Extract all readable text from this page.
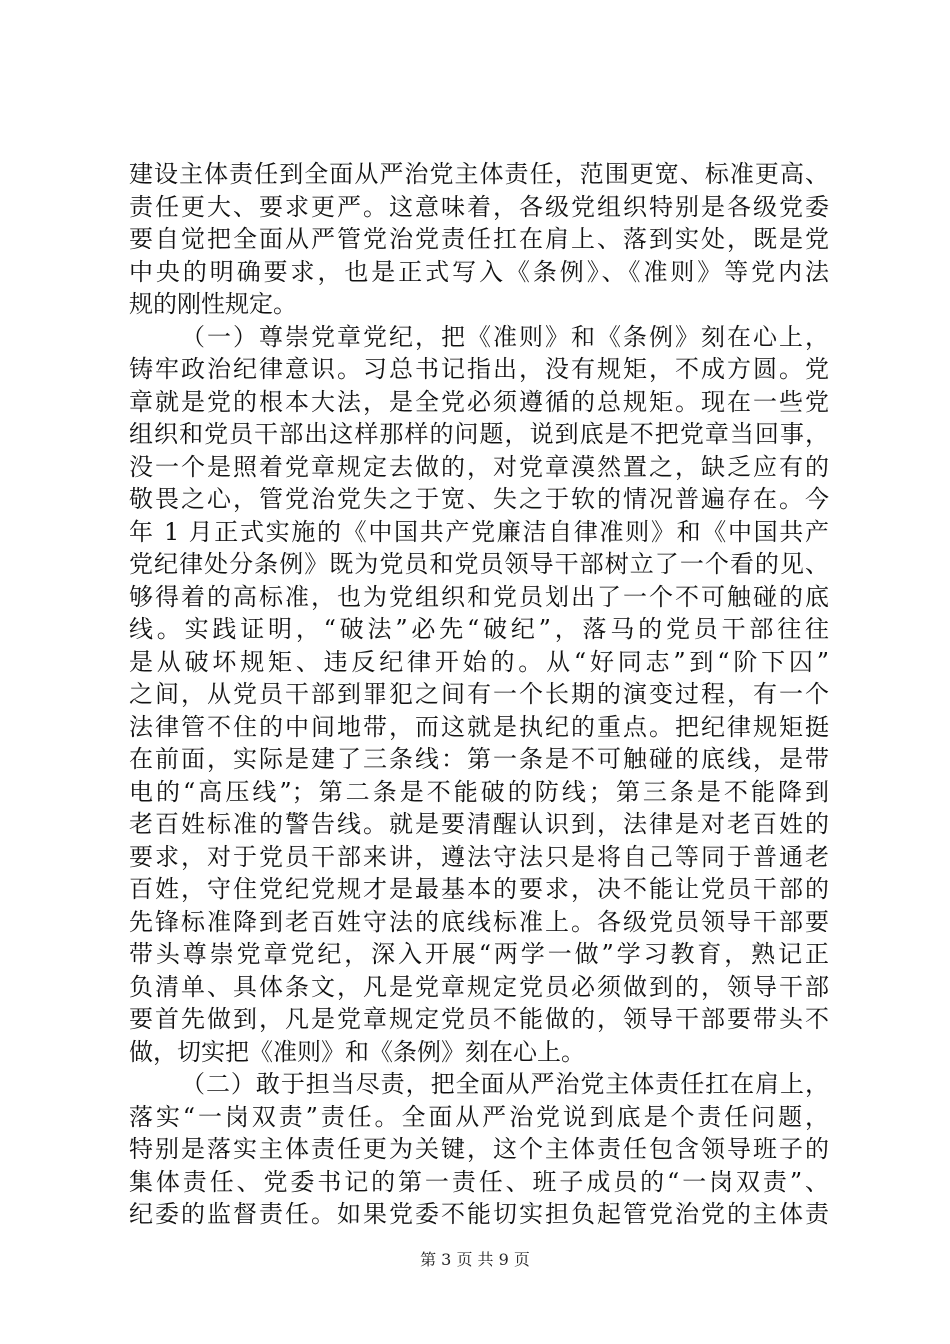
建设主体责任到全面从严治党主体责任，范围更宽、标准更高、
责任更大、要求更严。这意味着，各级党组织特别是各级党委
要自觉把全面从严管党治党责任扛在肩上、落到实处，既是党
中央的明确要求，也是正式写入《条例》、《准则》等党内法
规的刚性规定。
（一）尊崇党章党纪，把《准则》和《条例》刻在心上，
铸牢政治纪律意识。习总书记指出，没有规矩，不成方圆。党
章就是党的根本大法，是全党必须遵循的总规矩。现在一些党
组织和党员干部出这样那样的问题，说到底是不把党章当回事，
没一个是照着党章规定去做的，对党章漠然置之，缺乏应有的
敬畏之心，管党治党失之于宽、失之于软的情况普遍存在。今
年 1 月正式实施的《中国共产党廉洁自律准则》和《中国共产
党纪律处分条例》既为党员和党员领导干部树立了一个看的见、
够得着的高标准，也为党组织和党员划出了一个不可触碰的底
线。实践证明，“破法”必先“破纪”，落马的党员干部往往
是从破坏规矩、违反纪律开始的。从“好同志”到“阶下囚”
之间，从党员干部到罪犯之间有一个长期的演变过程，有一个
法律管不住的中间地带，而这就是执纪的重点。把纪律规矩挺
在前面，实际是建了三条线：第一条是不可触碰的底线，是带
电的“高压线”；第二条是不能破的防线；第三条是不能降到
老百姓标准的警告线。就是要清醒认识到，法律是对老百姓的
要求，对于党员干部来讲，遵法守法只是将自己等同于普通老
百姓，守住党纪党规才是最基本的要求，决不能让党员干部的
先锋标准降到老百姓守法的底线标准上。各级党员领导干部要
带头尊崇党章党纪，深入开展“两学一做”学习教育，熟记正
负清单、具体条文，凡是党章规定党员必须做到的，领导干部
要首先做到，凡是党章规定党员不能做的，领导干部要带头不
做，切实把《准则》和《条例》刻在心上。
（二）敢于担当尽责，把全面从严治党主体责任扛在肩上，
落实“一岗双责”责任。全面从严治党说到底是个责任问题，
特别是落实主体责任更为关键，这个主体责任包含领导班子的
集体责任、党委书记的第一责任、班子成员的“一岗双责”、
纪委的监督责任。如果党委不能切实担负起管党治党的主体责
第 3 页 共 9 页
